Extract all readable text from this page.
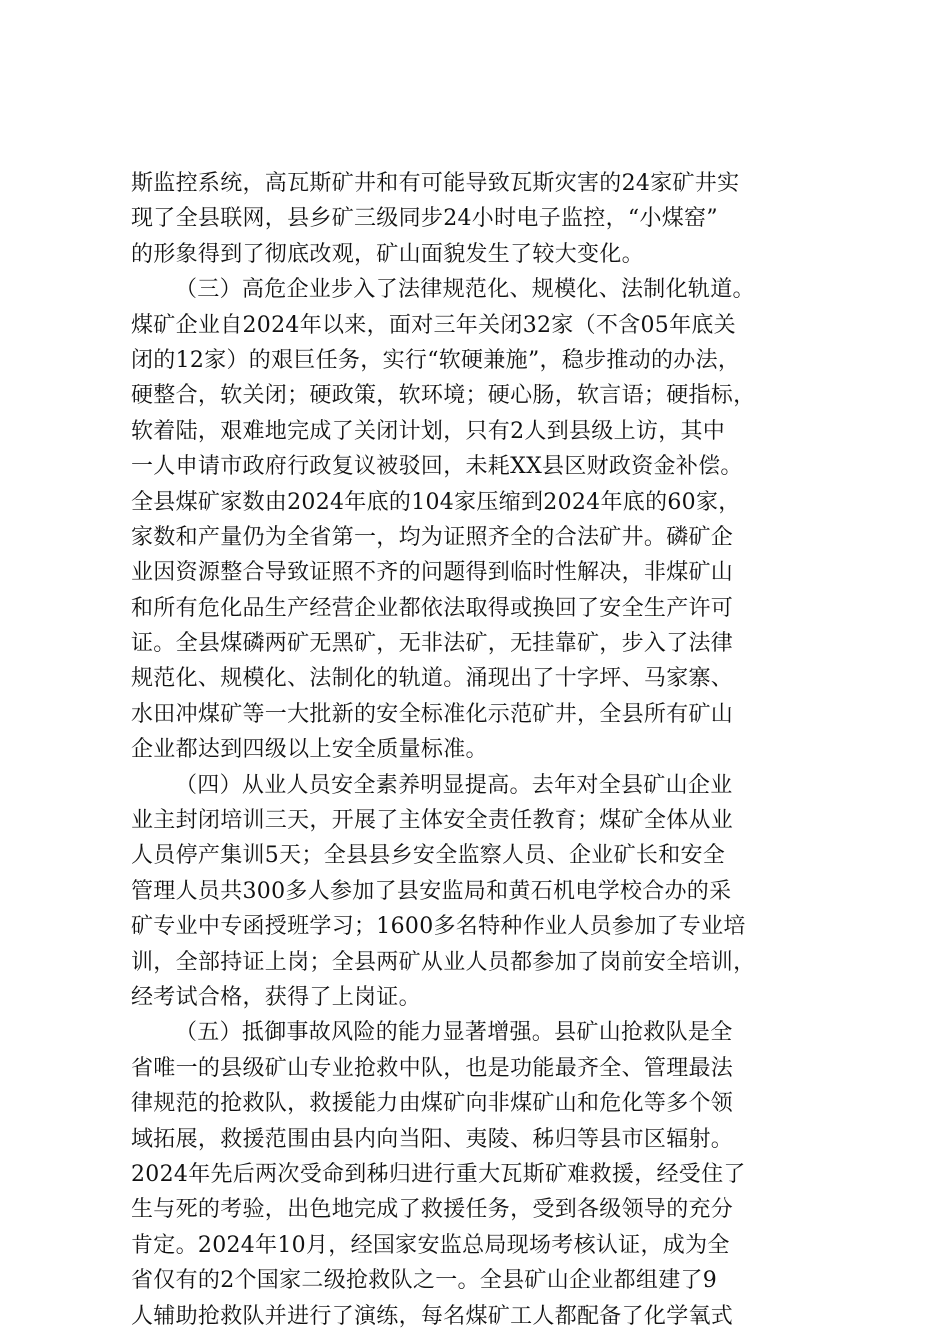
斯监控系统，高瓦斯矿井和有可能导致瓦斯灾害的24家矿井实
现了全县联网，县乡矿三级同步24小时电子监控，“小煤窑”
的形象得到了彻底改观，矿山面貌发生了较大变化。
（三）高危企业步入了法律规范化、规模化、法制化轨道。
煤矿企业自2024年以来，面对三年关闭32家（不含05年底关
闭的12家）的艰巨任务，实行“软硬兼施”，稳步推动的办法，
硬整合，软关闭；硬政策，软环境；硬心肠，软言语；硬指标，
软着陆，艰难地完成了关闭计划，只有2人到县级上访，其中
一人申请市政府行政复议被驳回，未耗XX县区财政资金补偿。
全县煤矿家数由2024年底的104家压缩到2024年底的60家，
家数和产量仍为全省第一，均为证照齐全的合法矿井。磷矿企
业因资源整合导致证照不齐的问题得到临时性解决，非煤矿山
和所有危化品生产经营企业都依法取得或换回了安全生产许可
证。全县煤磷两矿无黑矿，无非法矿，无挂靠矿，步入了法律
规范化、规模化、法制化的轨道。涌现出了十字坪、马家寨、
水田冲煤矿等一大批新的安全标准化示范矿井，全县所有矿山
企业都达到四级以上安全质量标准。
（四）从业人员安全素养明显提高。去年对全县矿山企业
业主封闭培训三天，开展了主体安全责任教育；煤矿全体从业
人员停产集训5天；全县县乡安全监察人员、企业矿长和安全
管理人员共300多人参加了县安监局和黄石机电学校合办的采
矿专业中专函授班学习；1600多名特种作业人员参加了专业培
训，全部持证上岗；全县两矿从业人员都参加了岗前安全培训，
经考试合格，获得了上岗证。
（五）抵御事故风险的能力显著增强。县矿山抢救队是全
省唯一的县级矿山专业抢救中队，也是功能最齐全、管理最法
律规范的抢救队，救援能力由煤矿向非煤矿山和危化等多个领
域拓展，救援范围由县内向当阳、夷陵、秭归等县市区辐射。
2024年先后两次受命到秭归进行重大瓦斯矿难救援，经受住了
生与死的考验，出色地完成了救援任务，受到各级领导的充分
肯定。2024年10月，经国家安监总局现场考核认证，成为全
省仅有的2个国家二级抢救队之一。全县矿山企业都组建了9
人辅助抢救队并进行了演练，每名煤矿工人都配备了化学氧式
